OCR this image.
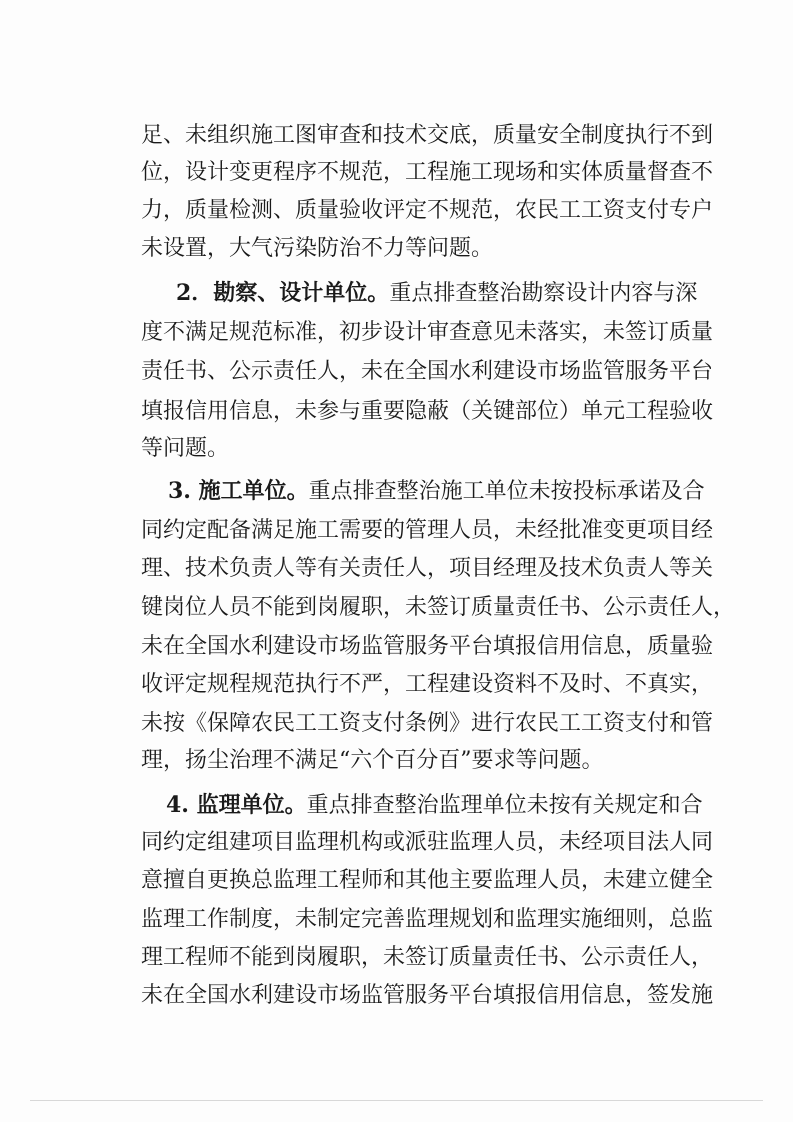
足、未组织施工图审查和技术交底，质量安全制度执行不到
位，设计变更程序不规范，工程施工现场和实体质量督查不
力，质量检测、质量验收评定不规范，农民工工资支付专户
未设置，大气污染防治不力等问题。
2．勘察、设计单位。重点排查整治勘察设计内容与深
度不满足规范标准，初步设计审查意见未落实，未签订质量
责任书、公示责任人，未在全国水利建设市场监管服务平台
填报信用信息，未参与重要隐蔽（关键部位）单元工程验收
等问题。
3. 施工单位。重点排查整治施工单位未按投标承诺及合
同约定配备满足施工需要的管理人员，未经批准变更项目经
理、技术负责人等有关责任人，项目经理及技术负责人等关
键岗位人员不能到岗履职，未签订质量责任书、公示责任人，
未在全国水利建设市场监管服务平台填报信用信息，质量验
收评定规程规范执行不严，工程建设资料不及时、不真实，
未按《保障农民工工资支付条例》进行农民工工资支付和管
理，扬尘治理不满足“六个百分百”要求等问题。
4. 监理单位。重点排查整治监理单位未按有关规定和合
同约定组建项目监理机构或派驻监理人员，未经项目法人同
意擅自更换总监理工程师和其他主要监理人员，未建立健全
监理工作制度，未制定完善监理规划和监理实施细则，总监
理工程师不能到岗履职，未签订质量责任书、公示责任人，
未在全国水利建设市场监管服务平台填报信用信息，签发施
